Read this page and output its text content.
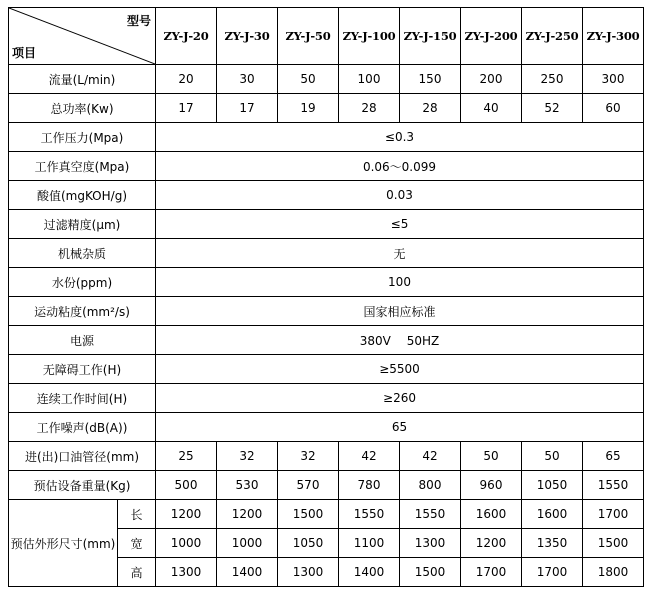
型号
项目		ZY-J-20	ZY-J-30	ZY-J-50	ZY-J-100	ZY-J-150	ZY-J-200	ZY-J-250	ZY-J-300
流量(L/min)		20	30	50	100	150	200	250	300
总功率(Kw)		17	17	19	28	28	40	52	60
工作压力(Mpa)		≤0.3							
工作真空度(Mpa)		0.06～0.099							
酸值(mgKOH/g)		0.03							
过滤精度(μm)		≤5							
机械杂质		无							
水份(ppm)		100							
运动粘度(mm²/s)		国家相应标准							
电源		380V　 50HZ							
无障碍工作(H)		≥5500							
连续工作时间(H)		≥260							
工作噪声(dB(A))		65							
进(出)口油管径(mm)		25	32	32	42	42	50	50	65
预估设备重量(Kg)		500	530	570	780	800	960	1050	1550
预估外形尺寸(mm)	长	1200	1200	1500	1550	1550	1600	1600	1700
	宽	1000	1000	1050	1100	1300	1200	1350	1500
	高	1300	1400	1300	1400	1500	1700	1700	1800
